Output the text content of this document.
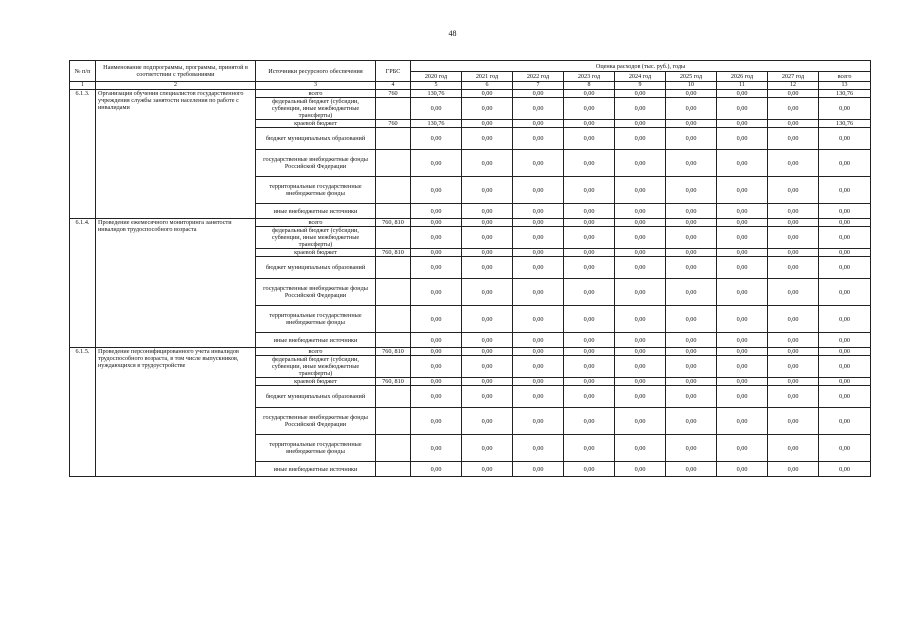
48
№ п/п	Наименование подпрограммы, программы, принятой в соответствии с требованиями	Источники ресурсного обеспечения	ГРБС	Оценка расходов (тыс. руб.), годы								
				2020 год	2021 год	2022 год	2023 год	2024 год	2025 год	2026 год	2027 год	всего
1	2	3	4	5	6	7	8	9	10	11	12	13
6.1.3.	Организация обучения специалистов государственного учреждения службы занятости населения по работе с инвалидами	всего	760	130,76	0,00	0,00	0,00	0,00	0,00	0,00	0,00	130,76
		федеральный бюджет (субсидии, субвенции, иные межбюджетные трансферты)		0,00	0,00	0,00	0,00	0,00	0,00	0,00	0,00	0,00
		краевой бюджет	760	130,76	0,00	0,00	0,00	0,00	0,00	0,00	0,00	130,76
		бюджет муниципальных образований		0,00	0,00	0,00	0,00	0,00	0,00	0,00	0,00	0,00
		государственные внебюджетные фонды Российской Федерации		0,00	0,00	0,00	0,00	0,00	0,00	0,00	0,00	0,00
		территориальные государственные внебюджетные фонды		0,00	0,00	0,00	0,00	0,00	0,00	0,00	0,00	0,00
		иные внебюджетные источники		0,00	0,00	0,00	0,00	0,00	0,00	0,00	0,00	0,00
6.1.4.	Проведение ежемесячного мониторинга занятости инвалидов трудоспособного возраста	всего	760, 810	0,00	0,00	0,00	0,00	0,00	0,00	0,00	0,00	0,00
		федеральный бюджет (субсидии, субвенции, иные межбюджетные трансферты)		0,00	0,00	0,00	0,00	0,00	0,00	0,00	0,00	0,00
		краевой бюджет	760, 810	0,00	0,00	0,00	0,00	0,00	0,00	0,00	0,00	0,00
		бюджет муниципальных образований		0,00	0,00	0,00	0,00	0,00	0,00	0,00	0,00	0,00
		государственные внебюджетные фонды Российской Федерации		0,00	0,00	0,00	0,00	0,00	0,00	0,00	0,00	0,00
		территориальные государственные внебюджетные фонды		0,00	0,00	0,00	0,00	0,00	0,00	0,00	0,00	0,00
		иные внебюджетные источники		0,00	0,00	0,00	0,00	0,00	0,00	0,00	0,00	0,00
6.1.5.	Проведение персонифицированного учета инвалидов трудоспособного возраста, в том числе выпускников, нуждающихся в трудоустройстве	всего	760, 810	0,00	0,00	0,00	0,00	0,00	0,00	0,00	0,00	0,00
		федеральный бюджет (субсидии, субвенции, иные межбюджетные трансферты)		0,00	0,00	0,00	0,00	0,00	0,00	0,00	0,00	0,00
		краевой бюджет	760, 810	0,00	0,00	0,00	0,00	0,00	0,00	0,00	0,00	0,00
		бюджет муниципальных образований		0,00	0,00	0,00	0,00	0,00	0,00	0,00	0,00	0,00
		государственные внебюджетные фонды Российской Федерации		0,00	0,00	0,00	0,00	0,00	0,00	0,00	0,00	0,00
		территориальные государственные внебюджетные фонды		0,00	0,00	0,00	0,00	0,00	0,00	0,00	0,00	0,00
		иные внебюджетные источники		0,00	0,00	0,00	0,00	0,00	0,00	0,00	0,00	0,00
